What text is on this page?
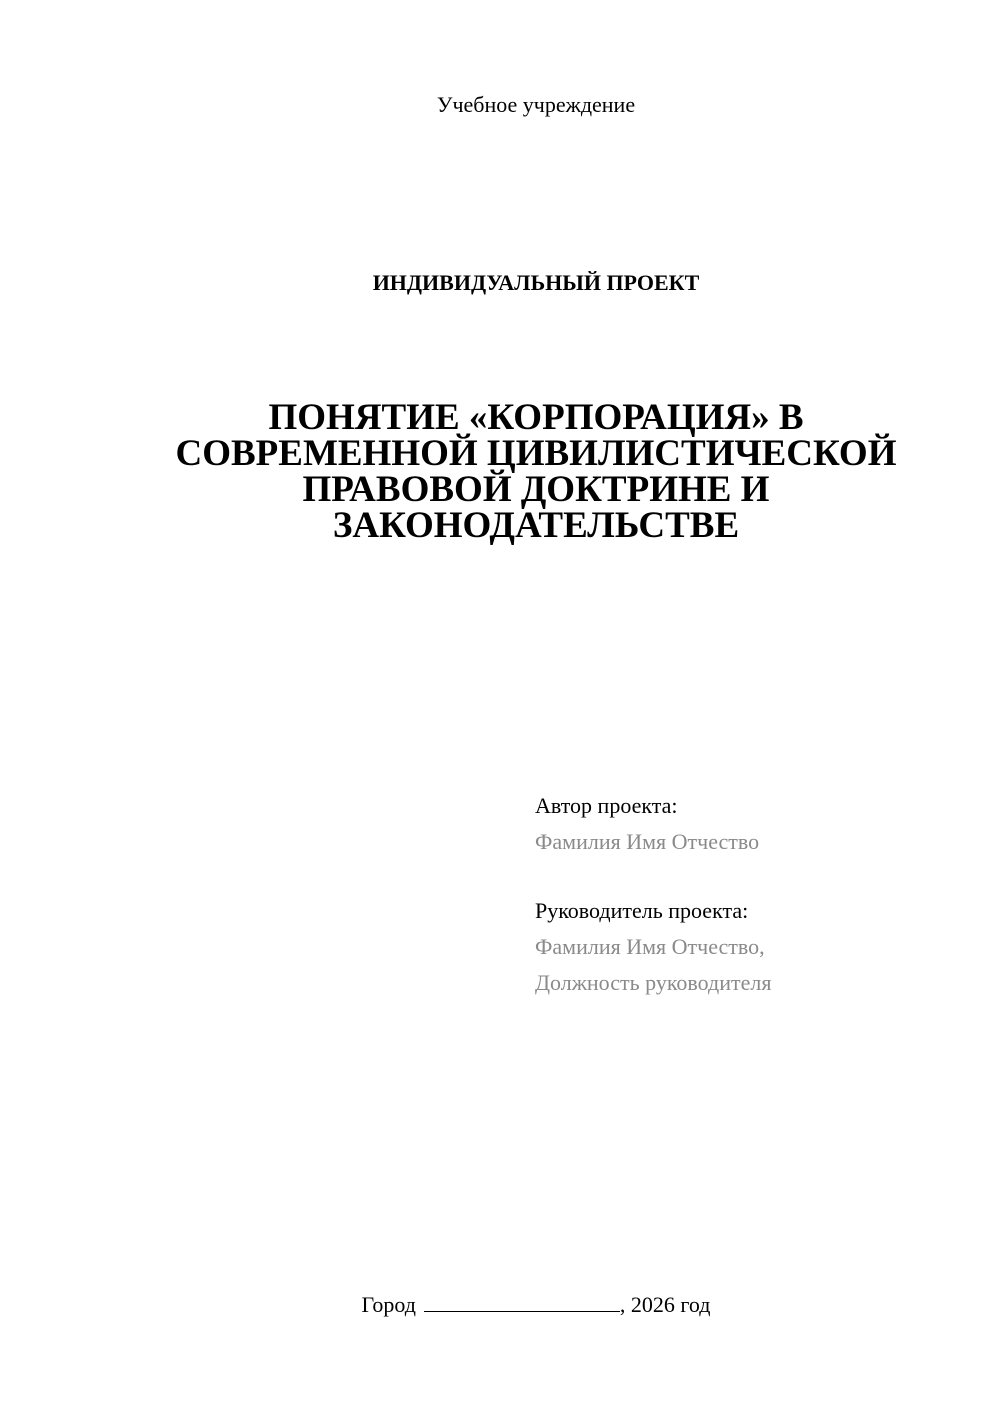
Учебное учреждение
ИНДИВИДУАЛЬНЫЙ ПРОЕКТ
ПОНЯТИЕ «КОРПОРАЦИЯ» В
СОВРЕМЕННОЙ ЦИВИЛИСТИЧЕСКОЙ
ПРАВОВОЙ ДОКТРИНЕ И
ЗАКОНОДАТЕЛЬСТВЕ
Автор проекта:
Фамилия Имя Отчество
Руководитель проекта:
Фамилия Имя Отчество,
Должность руководителя
Город	, 2026 год
